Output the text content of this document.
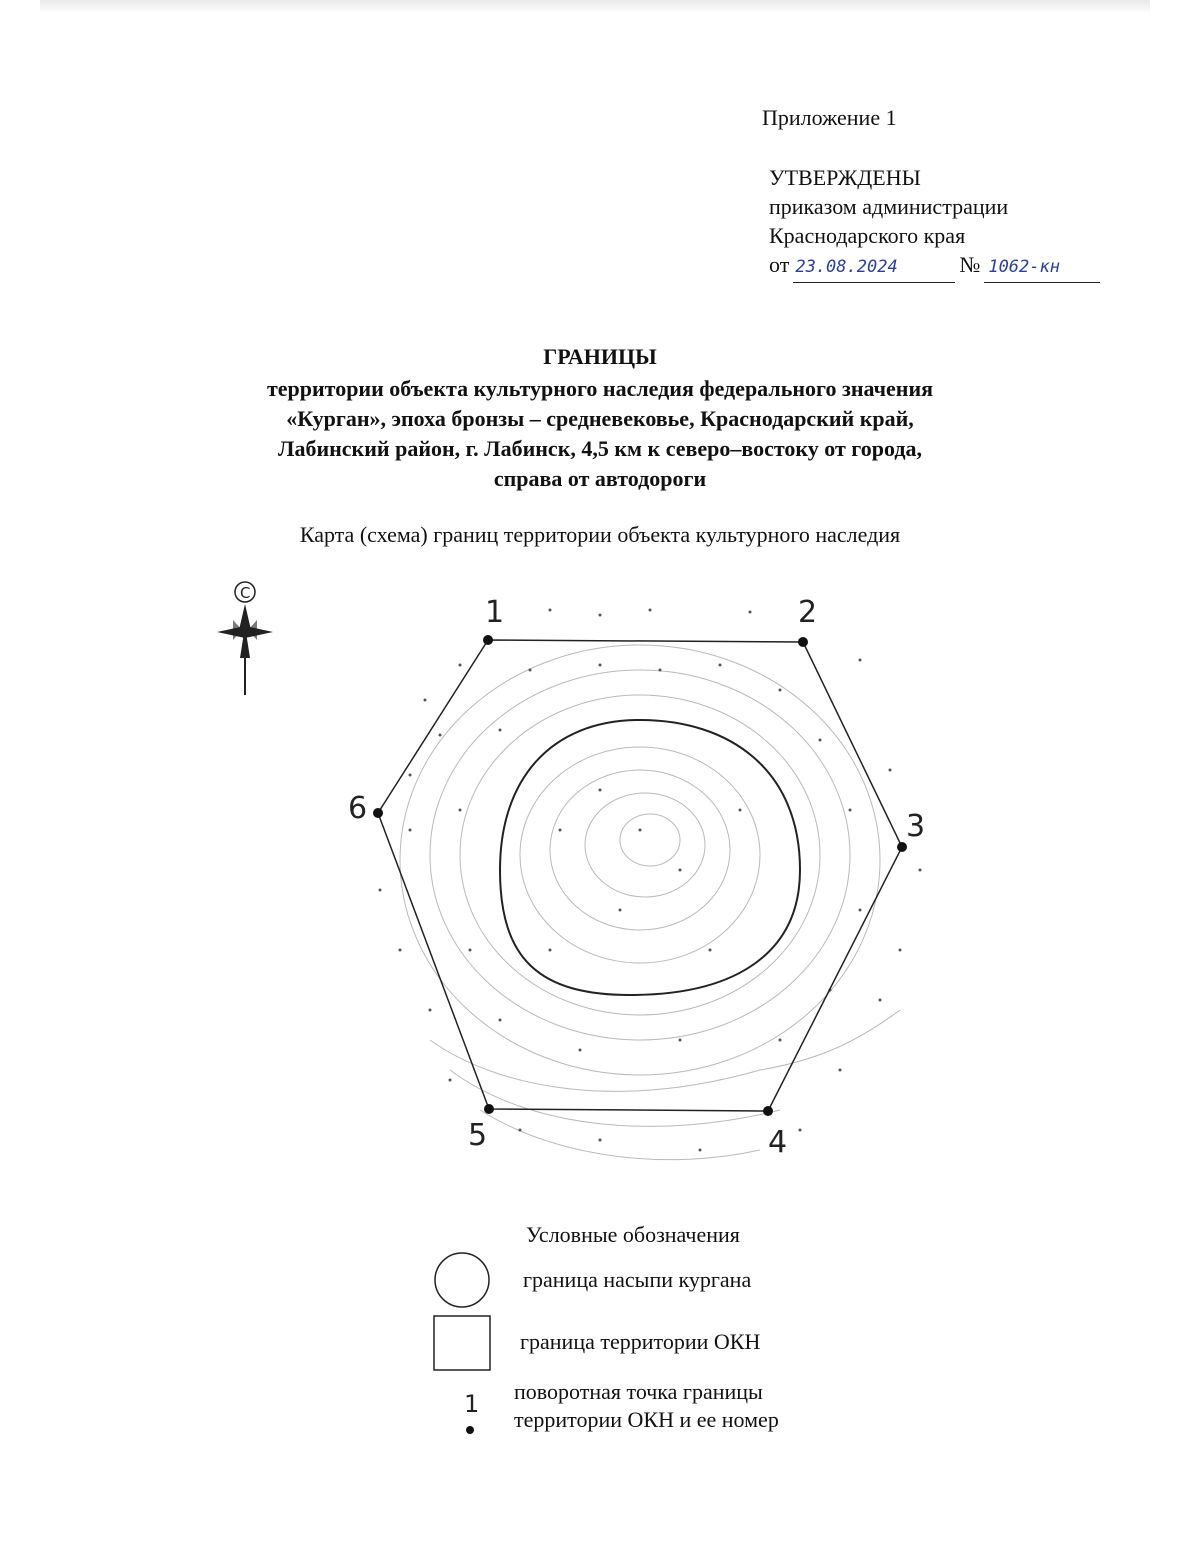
Приложение 1
УТВЕРЖДЕНЫ
приказом администрации
Краснодарского края
от 23.08.2024	№ 1062-кн
ГРАНИЦЫ
территории объекта культурного наследия федерального значения
«Курган», эпоха бронзы – средневековье, Краснодарский край,
Лабинский район, г. Лабинск, 4,5 км к северо–востоку от города,
справа от автодороги
Карта (схема) границ территории объекта культурного наследия
1	2
3
4
5
6
С
Условные обозначения
1
граница насыпи кургана
граница территории ОКН
поворотная точка границы
территории ОКН и ее номер
